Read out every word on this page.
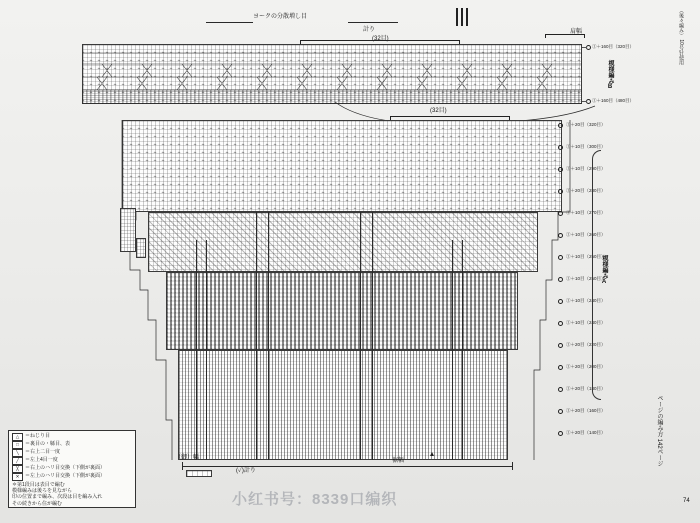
ヨークの分散増し目
計り
(32目)
肩幅	（後々編み） 10号针使用
①＋160目（320目）
①＋160目（480目）
模様編みB
(32目)
①＋20目（320目）
①＋10目（300目）
①＋10目（290目）
①＋20目（280目）
①＋10目（270目）
①＋10目（260目）
①＋10目（250目）
①＋10目（250目）
①＋10目（240目）
①＋10目（240目）
①＋20目（220目）
①＋20目（200目）
①＋20目（180目）
①＋20目（160目）
①＋20目（140目）
模様編みA
ページの編み方 142ページ
(✓)計り
裾幅
（御）幅
△	＝ねじり目
□	＝裏目の・緐目、表
╲	＝右上二目一度
╱	＝左上4目一度
╳	＝右上のハリ目交換（下側が裏面）
✕	＝左上のハリ目交換（下側が裏面）
＊第1段目は表目で編む
模様編みは後ろを見ながら
印の位置まで編み、次段は目を編み入れ
その続きから住が編む	74
小红书号：8339口编织
